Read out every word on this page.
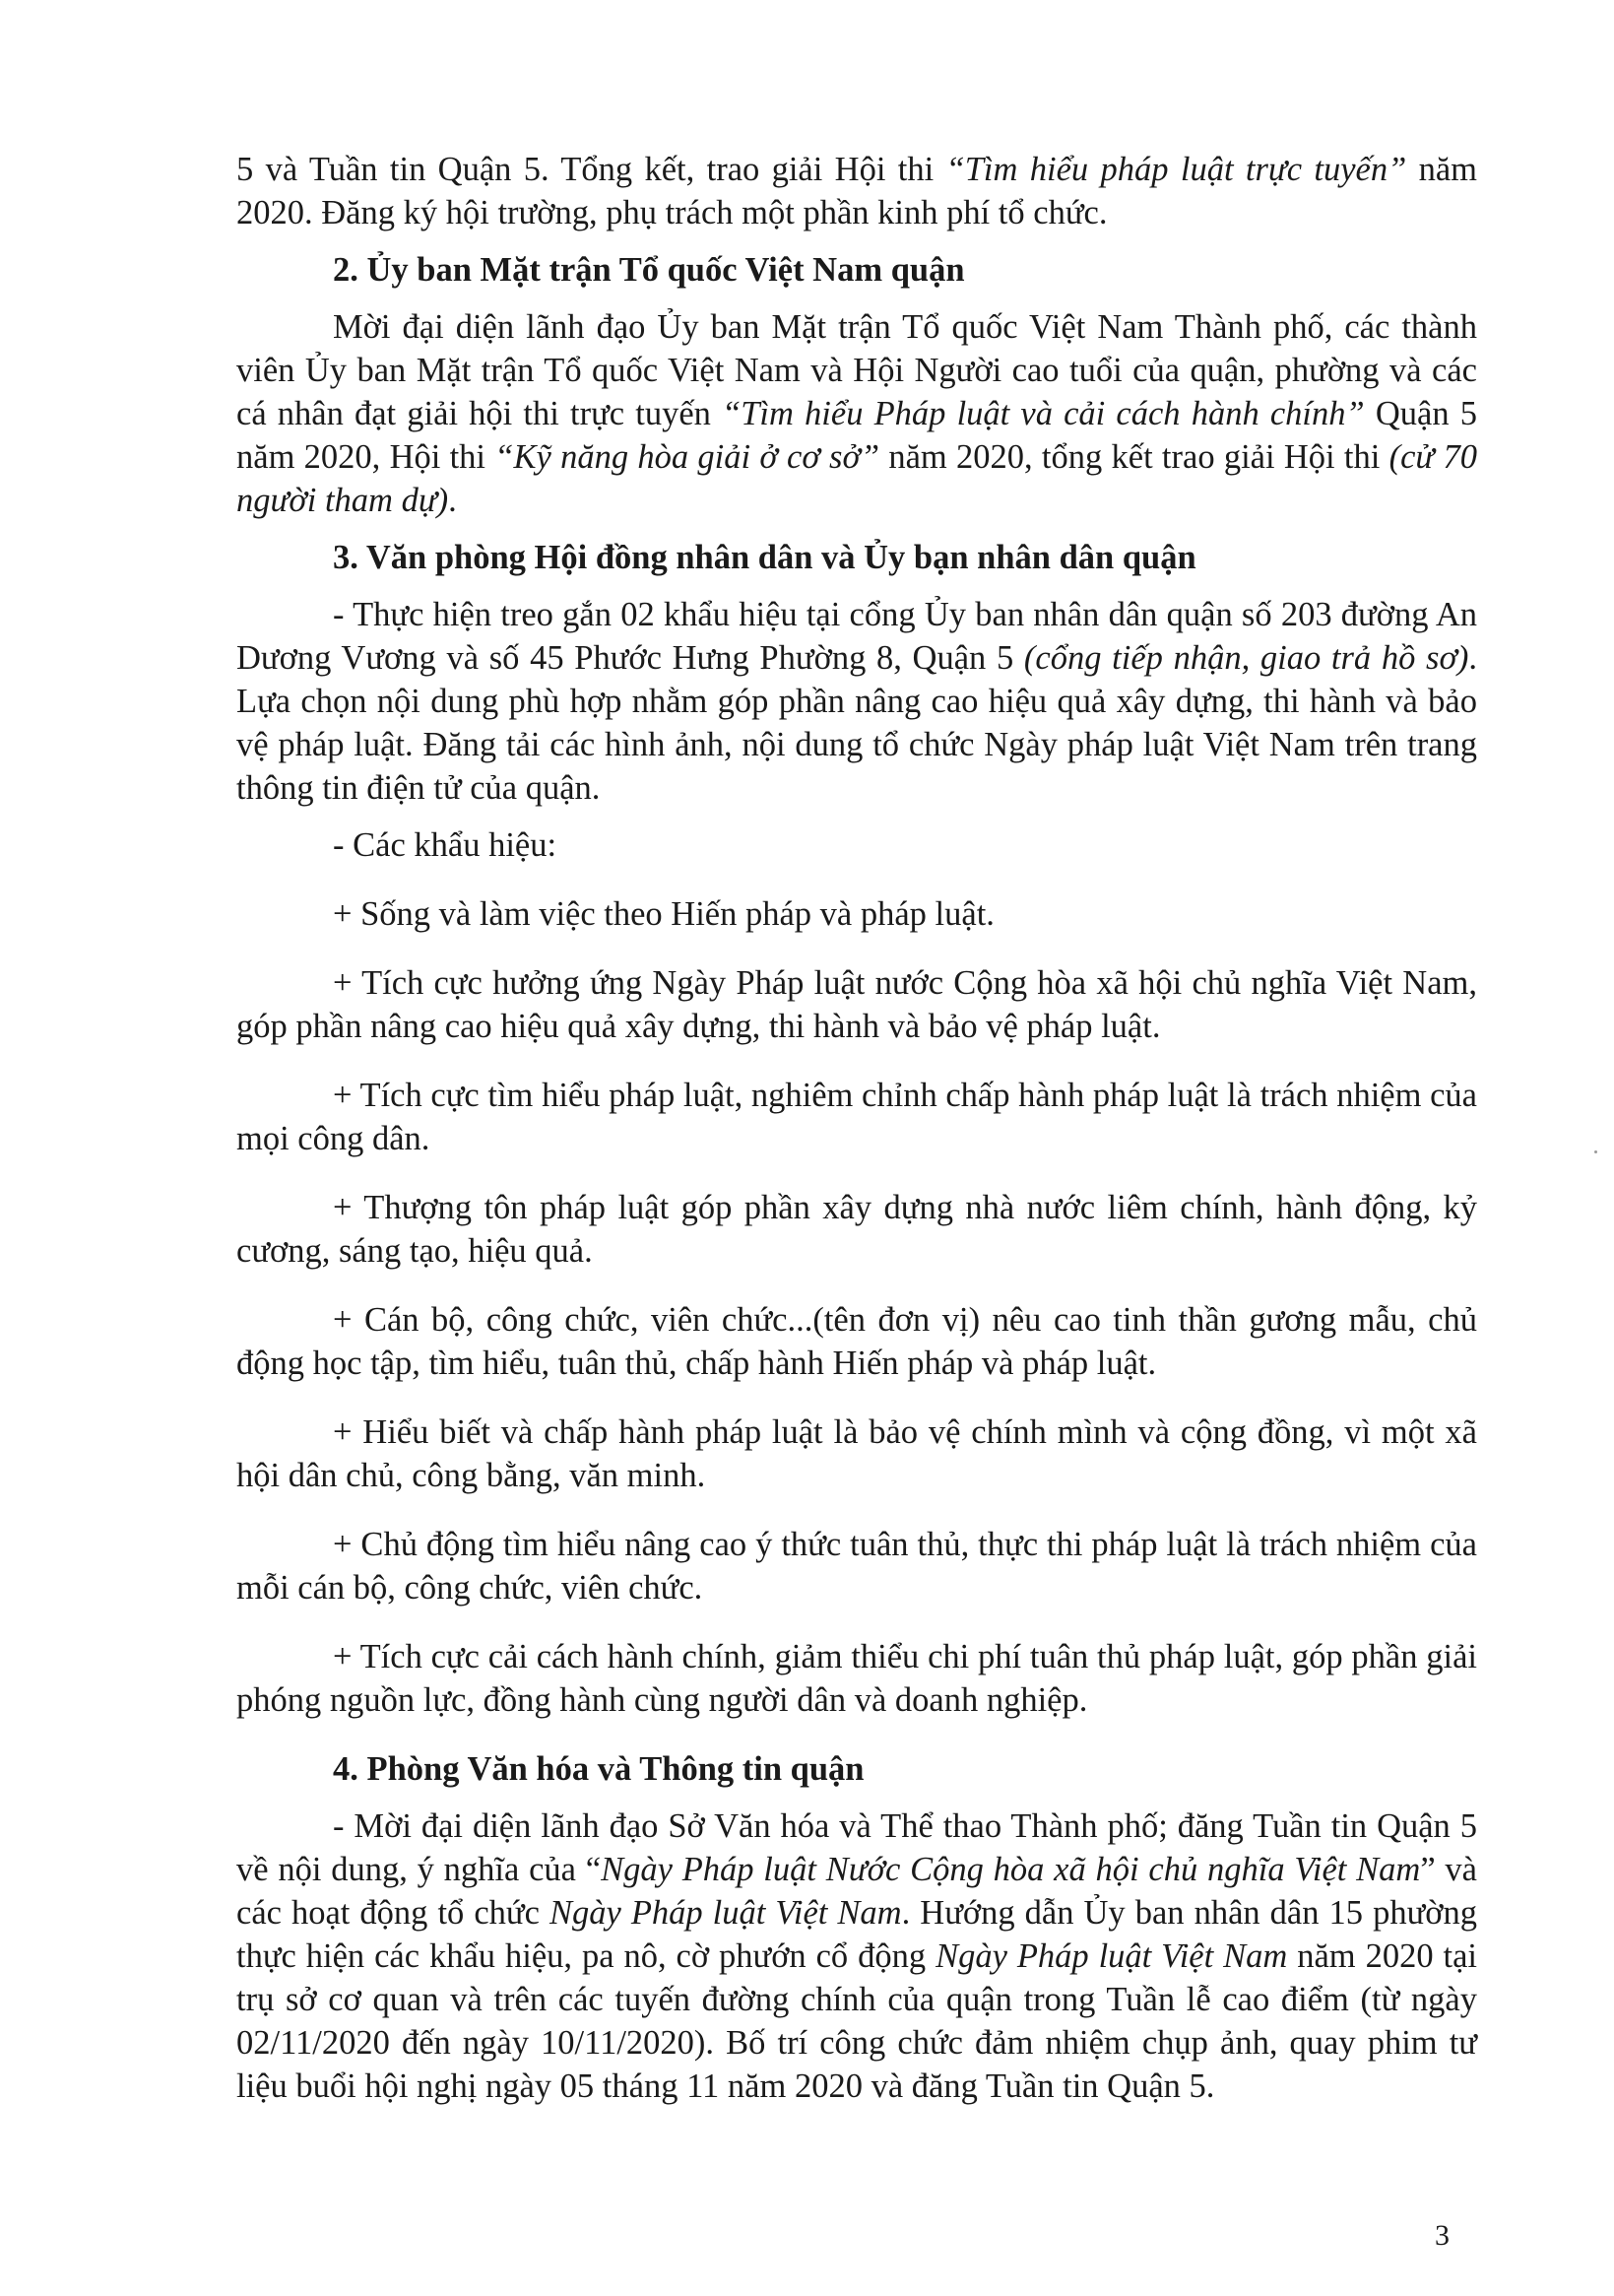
5 và Tuần tin Quận 5. Tổng kết, trao giải Hội thi “Tìm hiểu pháp luật trực tuyến” năm 2020. Đăng ký hội trường, phụ trách một phần kinh phí tổ chức.

2. Ủy ban Mặt trận Tổ quốc Việt Nam quận

Mời đại diện lãnh đạo Ủy ban Mặt trận Tổ quốc Việt Nam Thành phố, các thành viên Ủy ban Mặt trận Tổ quốc Việt Nam và Hội Người cao tuổi của quận, phường và các cá nhân đạt giải hội thi trực tuyến “Tìm hiểu Pháp luật và cải cách hành chính” Quận 5 năm 2020, Hội thi “Kỹ năng hòa giải ở cơ sở” năm 2020, tổng kết trao giải Hội thi (cử 70 người tham dự).

3. Văn phòng Hội đồng nhân dân và Ủy bạn nhân dân quận

- Thực hiện treo gắn 02 khẩu hiệu tại cổng Ủy ban nhân dân quận số 203 đường An Dương Vương và số 45 Phước Hưng Phường 8, Quận 5 (cổng tiếp nhận, giao trả hồ sơ). Lựa chọn nội dung phù hợp nhằm góp phần nâng cao hiệu quả xây dựng, thi hành và bảo vệ pháp luật. Đăng tải các hình ảnh, nội dung tổ chức Ngày pháp luật Việt Nam trên trang thông tin điện tử của quận.

- Các khẩu hiệu:

+ Sống và làm việc theo Hiến pháp và pháp luật.

+ Tích cực hưởng ứng Ngày Pháp luật nước Cộng hòa xã hội chủ nghĩa Việt Nam, góp phần nâng cao hiệu quả xây dựng, thi hành và bảo vệ pháp luật.

+ Tích cực tìm hiểu pháp luật, nghiêm chỉnh chấp hành pháp luật là trách nhiệm của mọi công dân.

+ Thượng tôn pháp luật góp phần xây dựng nhà nước liêm chính, hành động, kỷ cương, sáng tạo, hiệu quả.

+ Cán bộ, công chức, viên chức...(tên đơn vị) nêu cao tinh thần gương mẫu, chủ động học tập, tìm hiểu, tuân thủ, chấp hành Hiến pháp và pháp luật.

+ Hiểu biết và chấp hành pháp luật là bảo vệ chính mình và cộng đồng, vì một xã hội dân chủ, công bằng, văn minh.

+ Chủ động tìm hiểu nâng cao ý thức tuân thủ, thực thi pháp luật là trách nhiệm của mỗi cán bộ, công chức, viên chức.

+ Tích cực cải cách hành chính, giảm thiểu chi phí tuân thủ pháp luật, góp phần giải phóng nguồn lực, đồng hành cùng người dân và doanh nghiệp.

4. Phòng Văn hóa và Thông tin quận

- Mời đại diện lãnh đạo Sở Văn hóa và Thể thao Thành phố; đăng Tuần tin Quận 5 về nội dung, ý nghĩa của “Ngày Pháp luật Nước Cộng hòa xã hội chủ nghĩa Việt Nam” và các hoạt động tổ chức Ngày Pháp luật Việt Nam. Hướng dẫn Ủy ban nhân dân 15 phường thực hiện các khẩu hiệu, pa nô, cờ phướn cổ động Ngày Pháp luật Việt Nam năm 2020 tại trụ sở cơ quan và trên các tuyến đường chính của quận trong Tuần lễ cao điểm (từ ngày 02/11/2020 đến ngày 10/11/2020). Bố trí công chức đảm nhiệm chụp ảnh, quay phim tư liệu buổi hội nghị ngày 05 tháng 11 năm 2020 và đăng Tuần tin Quận 5.

3
